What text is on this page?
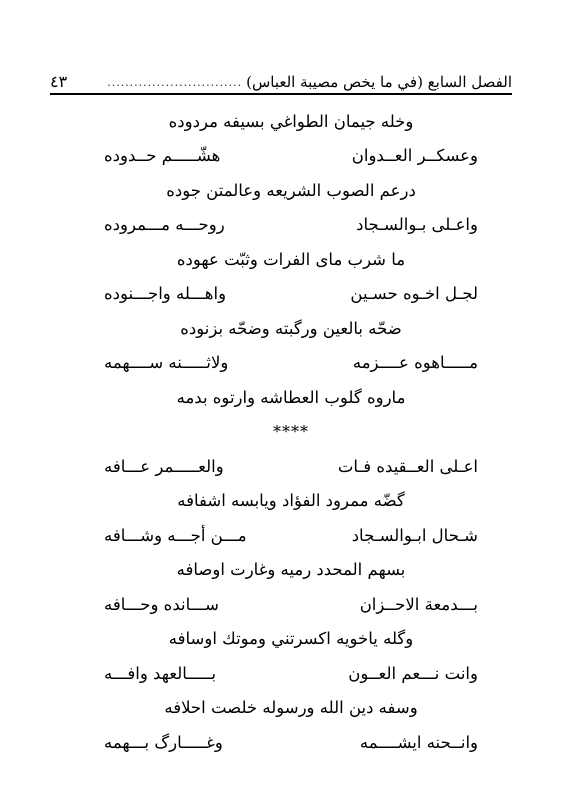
الفصل السابع (في ما يخص مصيبة العباس)
..............................
٤٣
وخله جيمان الطواغي بسيفه مردوده
وعسكــر العــدوان
هشّـــــم حــدوده
درعم الصوب الشريعه وعالمتن جوده
واعـلى بـوالسـجاد
روحـــه مـــمروده
ما شرب ماى الفرات وثبّت عهوده
لجـل اخـوه حسـين
واهـــله واجـــنوده
ضحّه بالعين ورگبته وضحّه بزنوده
مـــــاهوه عــــزمه
ولاثـــــنه ســــهمه
ماروه گلوب العطاشه وارتوه بدمه
****
اعـلى العــقيده فـات
والعـــــمر عـــافه
گضّه ممرود الفؤاد ويابسه اشفافه
شـحال ابـوالسـجاد
مـــن أجـــه وشـــافه
بسهم المحدد رميه وغارت اوصافه
بـــدمعة الاحــزان
ســـانده وحـــافه
وگله ياخويه اكسرتني وموتك اوسافه
وانت نـــعم العــون
بـــــالعهد وافـــه
وسفه دين الله ورسوله خلصت احلافه
وانــحنه ايشــــمه
وغـــــارگ بـــهمه
